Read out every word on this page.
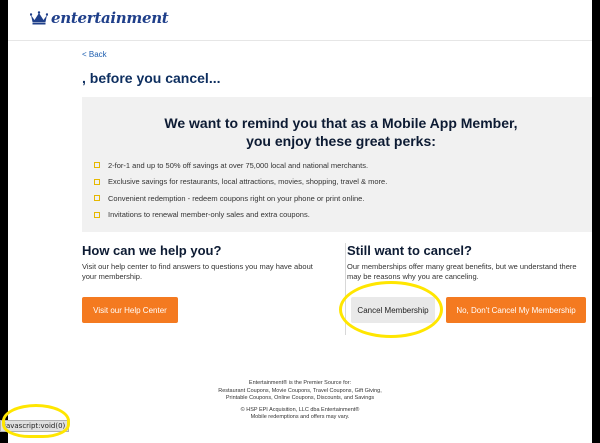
entertainment
< Back
, before you cancel...
We want to remind you that as a Mobile App Member,
you enjoy these great perks:
2-for-1 and up to 50% off savings at over 75,000 local and national merchants.
Exclusive savings for restaurants, local attractions, movies, shopping, travel & more.
Convenient redemption - redeem coupons right on your phone or print online.
Invitations to renewal member-only sales and extra coupons.
How can we help you?

Visit our help center to find answers to questions you may have about
your membership.

Visit our Help Center
Still want to cancel?

Our memberships offer many great benefits, but we understand there
may be reasons why you are canceling.

Cancel Membership	No, Don't Cancel My Membership
Entertainment® is the Premier Source for:
Restaurant Coupons, Movie Coupons, Travel Coupons, Gift Giving,
Printable Coupons, Online Coupons, Discounts, and Savings
© HSP EPI Acquisition, LLC dba Entertainment®
Mobile redemptions and offers may vary.
javascript:void(0)
